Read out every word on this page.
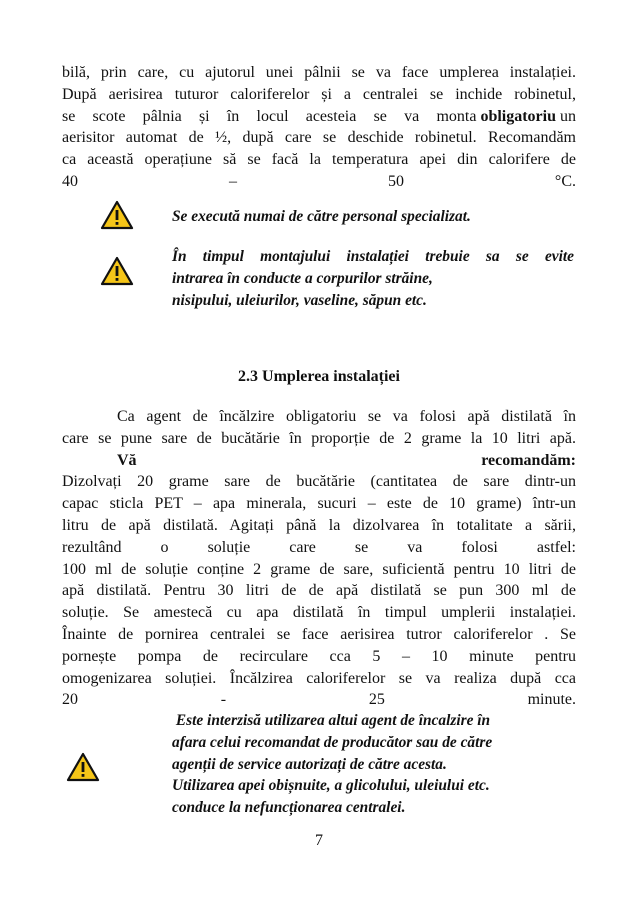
bilă, prin care, cu ajutorul unei pâlnii se va face umplerea instalației.
După aerisirea tuturor caloriferelor și a centralei se inchide robinetul,
se scote pâlnia și în locul acesteia se va monta obligatoriu un
aerisitor automat de ½, după care se deschide robinetul. Recomandăm
ca această operațiune să se facă la temperatura apei din calorifere de
40 – 50 °C.

Se execută numai de către personal specializat.

În timpul montajului instalației trebuie sa se evite
intrarea în conducte a corpurilor străine,
nisipului, uleiurilor, vaseline, săpun etc.
2.3 Umplerea instalației
Ca agent de încălzire obligatoriu se va folosi apă distilată în
care se pune sare de bucătărie în proporție de 2 grame la 10 litri apă.
Vă recomandăm:
Dizolvați 20 grame sare de bucătărie (cantitatea de sare dintr-un
capac sticla PET – apa minerala, sucuri – este de 10 grame) într-un
litru de apă distilată. Agitați până la dizolvarea în totalitate a sării,
rezultând o soluție care se va folosi astfel:
100 ml de soluție conține 2 grame de sare, suficientă pentru 10 litri de
apă distilată. Pentru 30 litri de de apă distilată se pun 300 ml de
soluție. Se amestecă cu apa distilată în timpul umplerii instalației.
Înainte de pornirea centralei se face aerisirea tutror caloriferelor . Se
pornește pompa de recirculare cca 5 – 10 minute pentru
omogenizarea soluției. Încălzirea caloriferelor se va realiza după cca
20 - 25 minute.
Este interzisă utilizarea altui agent de încalzire în
afara celui recomandat de producător sau de către
agenții de service autorizați de către acesta.
Utilizarea apei obișnuite, a glicolului, uleiului etc.
conduce la nefuncționarea centralei.
7
